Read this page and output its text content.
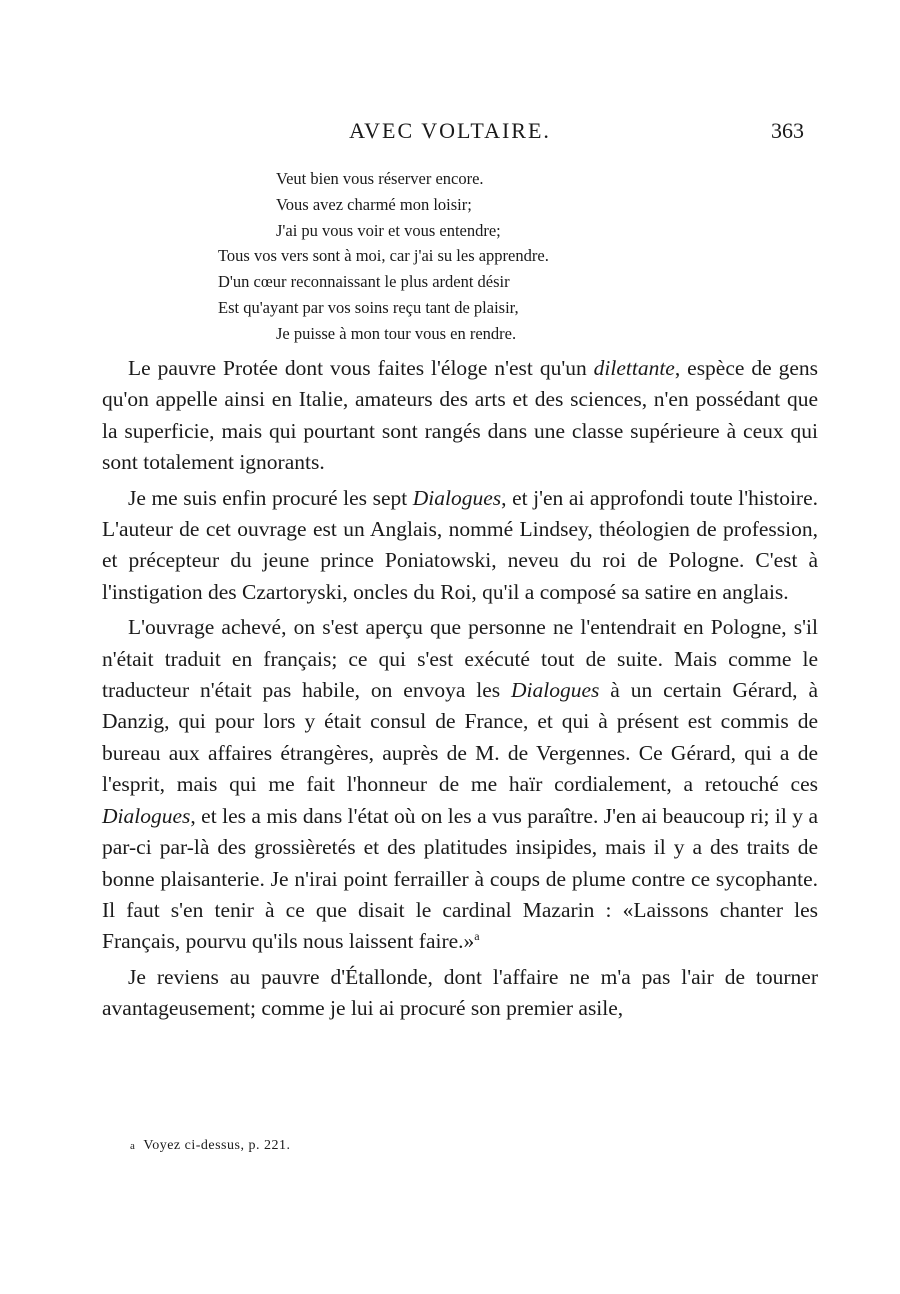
AVEC VOLTAIRE.	363
Veut bien vous réserver encore.
Vous avez charmé mon loisir;
J'ai pu vous voir et vous entendre;
Tous vos vers sont à moi, car j'ai su les apprendre.
D'un cœur reconnaissant le plus ardent désir
Est qu'ayant par vos soins reçu tant de plaisir,
Je puisse à mon tour vous en rendre.

Le pauvre Protée dont vous faites l'éloge n'est qu'un dilettante, espèce de gens qu'on appelle ainsi en Italie, amateurs des arts et des sciences, n'en possédant que la superficie, mais qui pourtant sont rangés dans une classe supérieure à ceux qui sont totalement ignorants.

Je me suis enfin procuré les sept Dialogues, et j'en ai approfondi toute l'histoire. L'auteur de cet ouvrage est un Anglais, nommé Lindsey, théologien de profession, et précepteur du jeune prince Poniatowski, neveu du roi de Pologne. C'est à l'instigation des Czartoryski, oncles du Roi, qu'il a composé sa satire en anglais.

L'ouvrage achevé, on s'est aperçu que personne ne l'entendrait en Pologne, s'il n'était traduit en français; ce qui s'est exécuté tout de suite. Mais comme le traducteur n'était pas habile, on envoya les Dialogues à un certain Gérard, à Danzig, qui pour lors y était consul de France, et qui à présent est commis de bureau aux affaires étrangères, auprès de M. de Vergennes. Ce Gérard, qui a de l'esprit, mais qui me fait l'honneur de me haïr cordialement, a retouché ces Dialogues, et les a mis dans l'état où on les a vus paraître. J'en ai beaucoup ri; il y a par-ci par-là des grossièretés et des platitudes insipides, mais il y a des traits de bonne plaisanterie. Je n'irai point ferrailler à coups de plume contre ce sycophante. Il faut s'en tenir à ce que disait le cardinal Mazarin : «Laissons chanter les Français, pourvu qu'ils nous laissent faire.»$^a$

Je reviens au pauvre d'Étallonde, dont l'affaire ne m'a pas l'air de tourner avantageusement; comme je lui ai procuré son premier asile,

a Voyez ci-dessus, p. 221.
